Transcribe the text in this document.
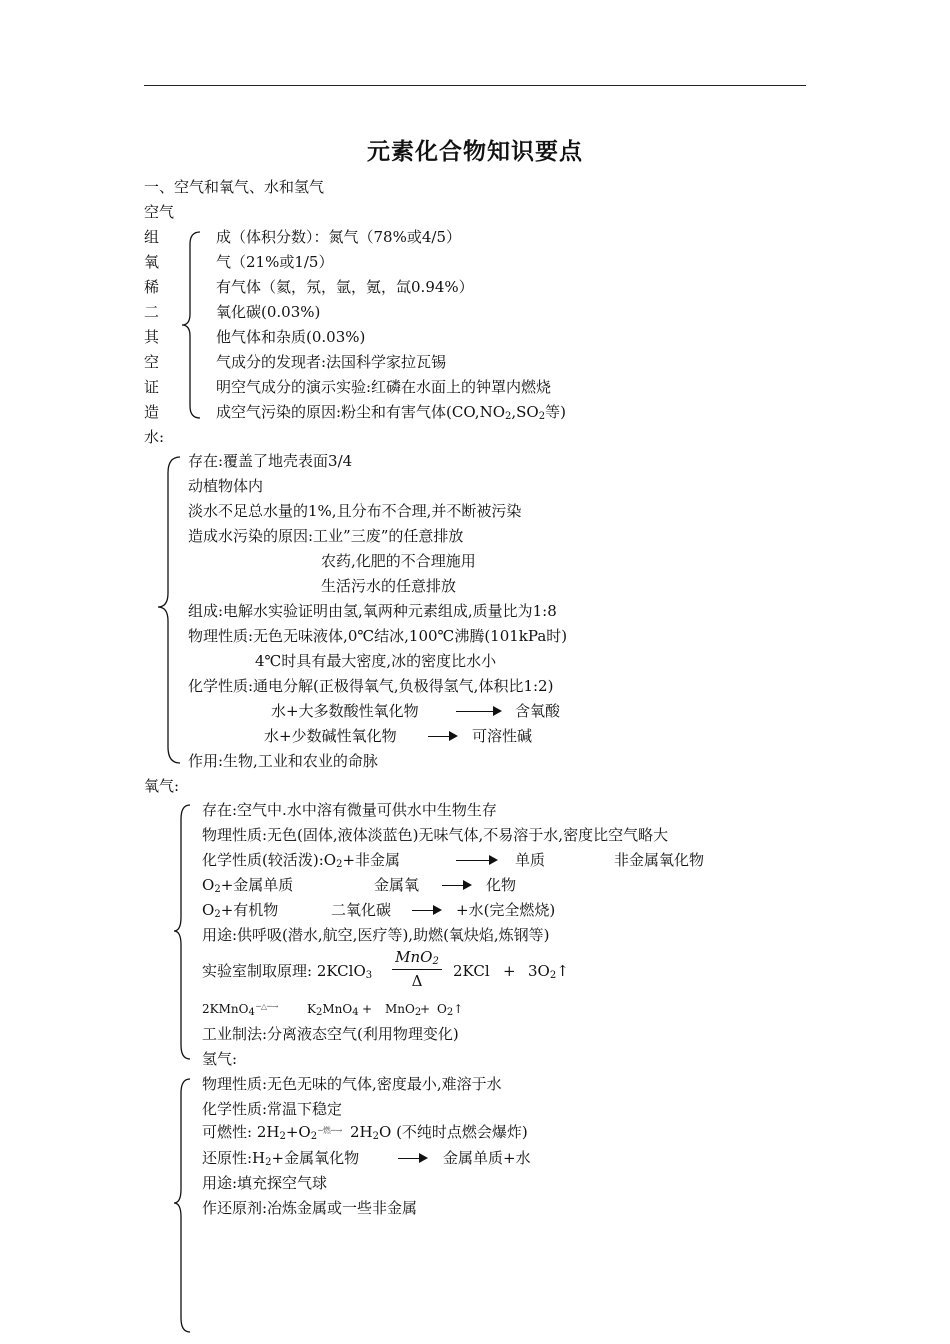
元素化合物知识要点
一、空气和氧气、水和氢气
空气
组
氧
稀
二
其
空
证
造
成（体积分数）：氮气（78%或4/5）
气（21%或1/5）
有气体（氦，氖，氩，氪，氙0.94%）
氧化碳(0.03%)
他气体和杂质(0.03%)
气成分的发现者:法国科学家拉瓦锡
明空气成分的演示实验:红磷在水面上的钟罩内燃烧
成空气污染的原因:粉尘和有害气体($CO,NO_2,SO_2$等)
水:
存在:覆盖了地壳表面3/4
动植物体内
淡水不足总水量的1%,且分布不合理,并不断被污染
造成水污染的原因:工业”三废”的任意排放
农药,化肥的不合理施用
生活污水的任意排放
组成:电解水实验证明由氢,氧两种元素组成,质量比为1:8
物理性质:无色无味液体,0℃结冰,100℃沸腾(101kPa时)
4℃时具有最大密度,冰的密度比水小
化学性质:通电分解(正极得氧气,负极得氢气,体积比1:2)
水+大多数酸性氧化物 → 含氧酸
水+少数碱性氧化物 → 可溶性碱
作用:生物,工业和农业的命脉
氧气:
存在:空气中.水中溶有微量可供水中生物生存
物理性质:无色(固体,液体淡蓝色)无味气体,不易溶于水,密度比空气略大
化学性质(较活泼)$:O_2+$非金属	→ 单质	非金属氧化物
$O_2+$金属单质	金属氧 → 化物
$O_2+$有机物	二氧化碳 → +水(完全燃烧)
用途:供呼吸(潜水,航空,医疗等),助燃(氧炔焰,炼钢等)
实验室制取原理: 2KClO$_3$
MnO$_2$
Δ
$2KCl + 3O_2↑$
2KMnO$_4$
─△─→ $K_2MnO_4 + MnO_2$
+ $O_2↑$
工业制法:分离液态空气(利用物理变化)
氢气:
物理性质:无色无味的气体,密度最小,难溶于水
化学性质:常温下稳定
可燃性: $2H_2+O_2$
─燃─→ $2H_2O$ (不纯时点燃会爆炸)
还原性$:H_2+$金属氧化物	→ 金属单质+水
用途:填充探空气球
作还原剂:冶炼金属或一些非金属
